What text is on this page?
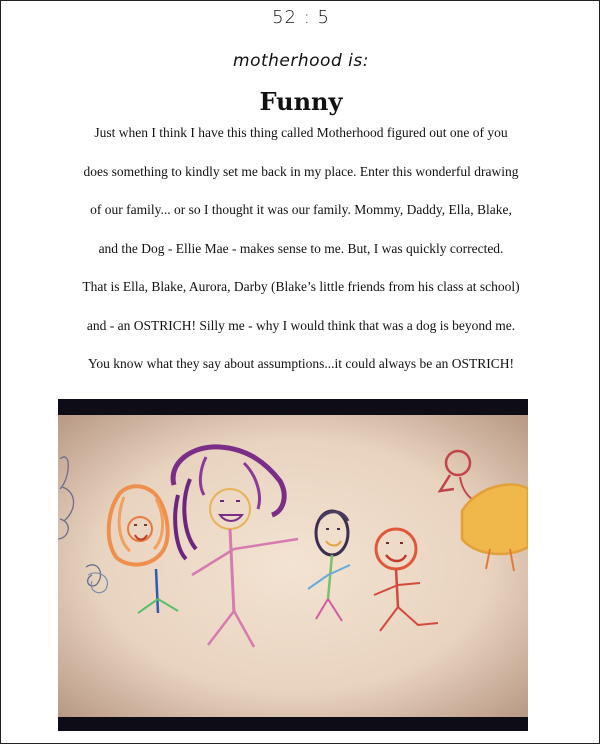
52 : 5
motherhood is:
Funny
Just when I think I have this thing called Motherhood figured out one of you
does something to kindly set me back in my place. Enter this wonderful drawing
of our family... or so I thought it was our family. Mommy, Daddy, Ella, Blake,
and the Dog - Ellie Mae - makes sense to me. But, I was quickly corrected.
That is Ella, Blake, Aurora, Darby (Blake’s little friends from his class at school)
and - an OSTRICH! Silly me - why I would think that was a dog is beyond me.
You know what they say about assumptions...it could always be an OSTRICH!
